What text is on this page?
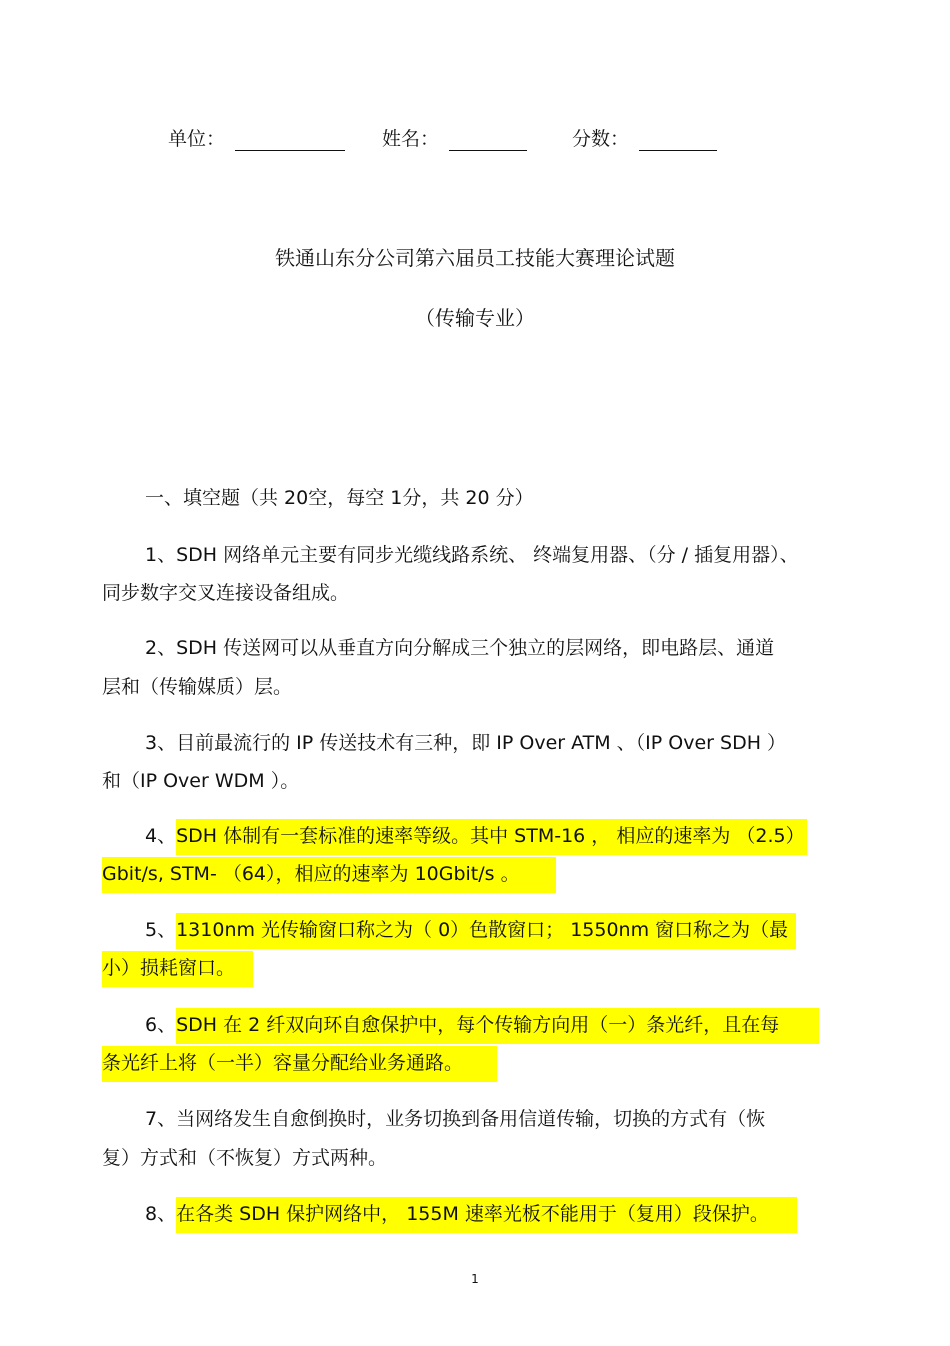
单位：	姓名：	分数：
铁通山东分公司第六届员工技能大赛理论试题
（传输专业）
一、填空题（共 20空，每空 1分，共 20 分）
1、SDH 网络单元主要有同步光缆线路系统、 终端复用器、（分 / 插复用器）、
同步数字交叉连接设备组成。
2、SDH 传送网可以从垂直方向分解成三个独立的层网络，即电路层、通道
层和（传输媒质）层。
3、目前最流行的 IP 传送技术有三种，即 IP Over ATM 、（IP Over SDH ）
和（IP Over WDM ）。
4、SDH 体制有一套标准的速率等级。其中 STM-16 ， 相应的速率为 （2.5）
Gbit/s, STM- （64），相应的速率为 10Gbit/s 。
5、1310nm 光传输窗口称之为（ 0）色散窗口； 1550nm 窗口称之为（最
小）损耗窗口。
6、SDH 在 2 纤双向环自愈保护中，每个传输方向用（一）条光纤，且在每
条光纤上将（一半）容量分配给业务通路。
7、当网络发生自愈倒换时，业务切换到备用信道传输，切换的方式有（恢
复）方式和（不恢复）方式两种。
8、在各类 SDH 保护网络中， 155M 速率光板不能用于（复用）段保护。
1
